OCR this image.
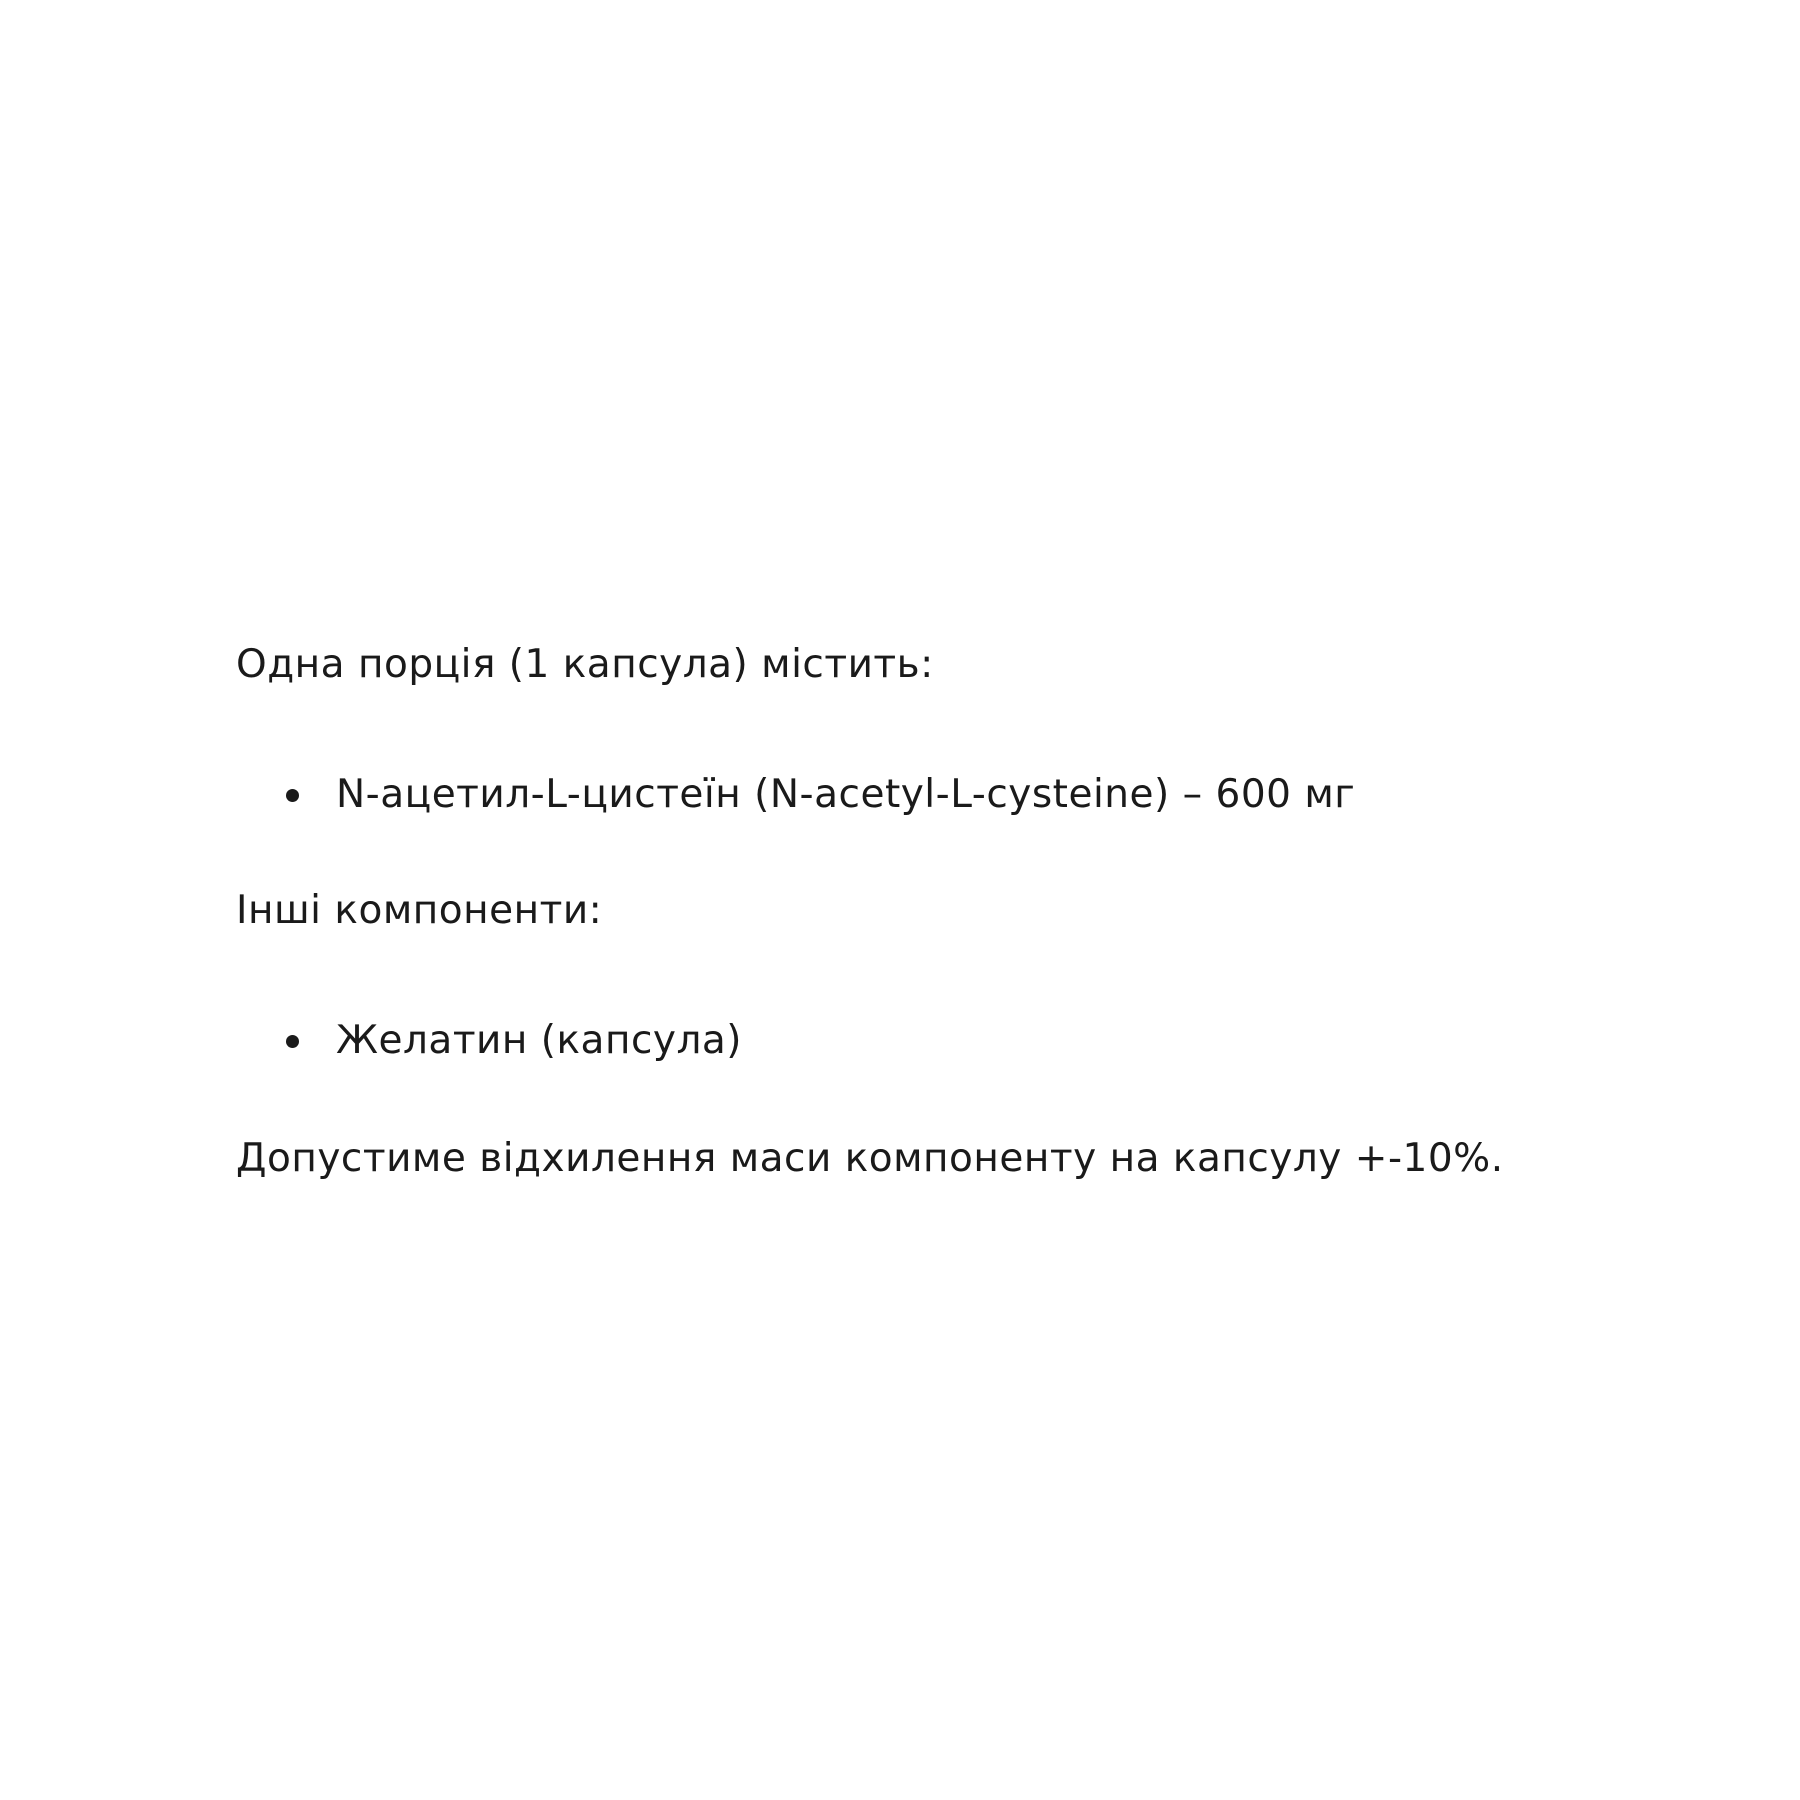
Одна порція (1 капсула) містить:

N-ацетил-L-цистеїн (N-acetyl-L-cysteine) – 600 мг

Інші компоненти:

Желатин (капсула)

Допустиме відхилення маси компоненту на капсулу +-10%.
